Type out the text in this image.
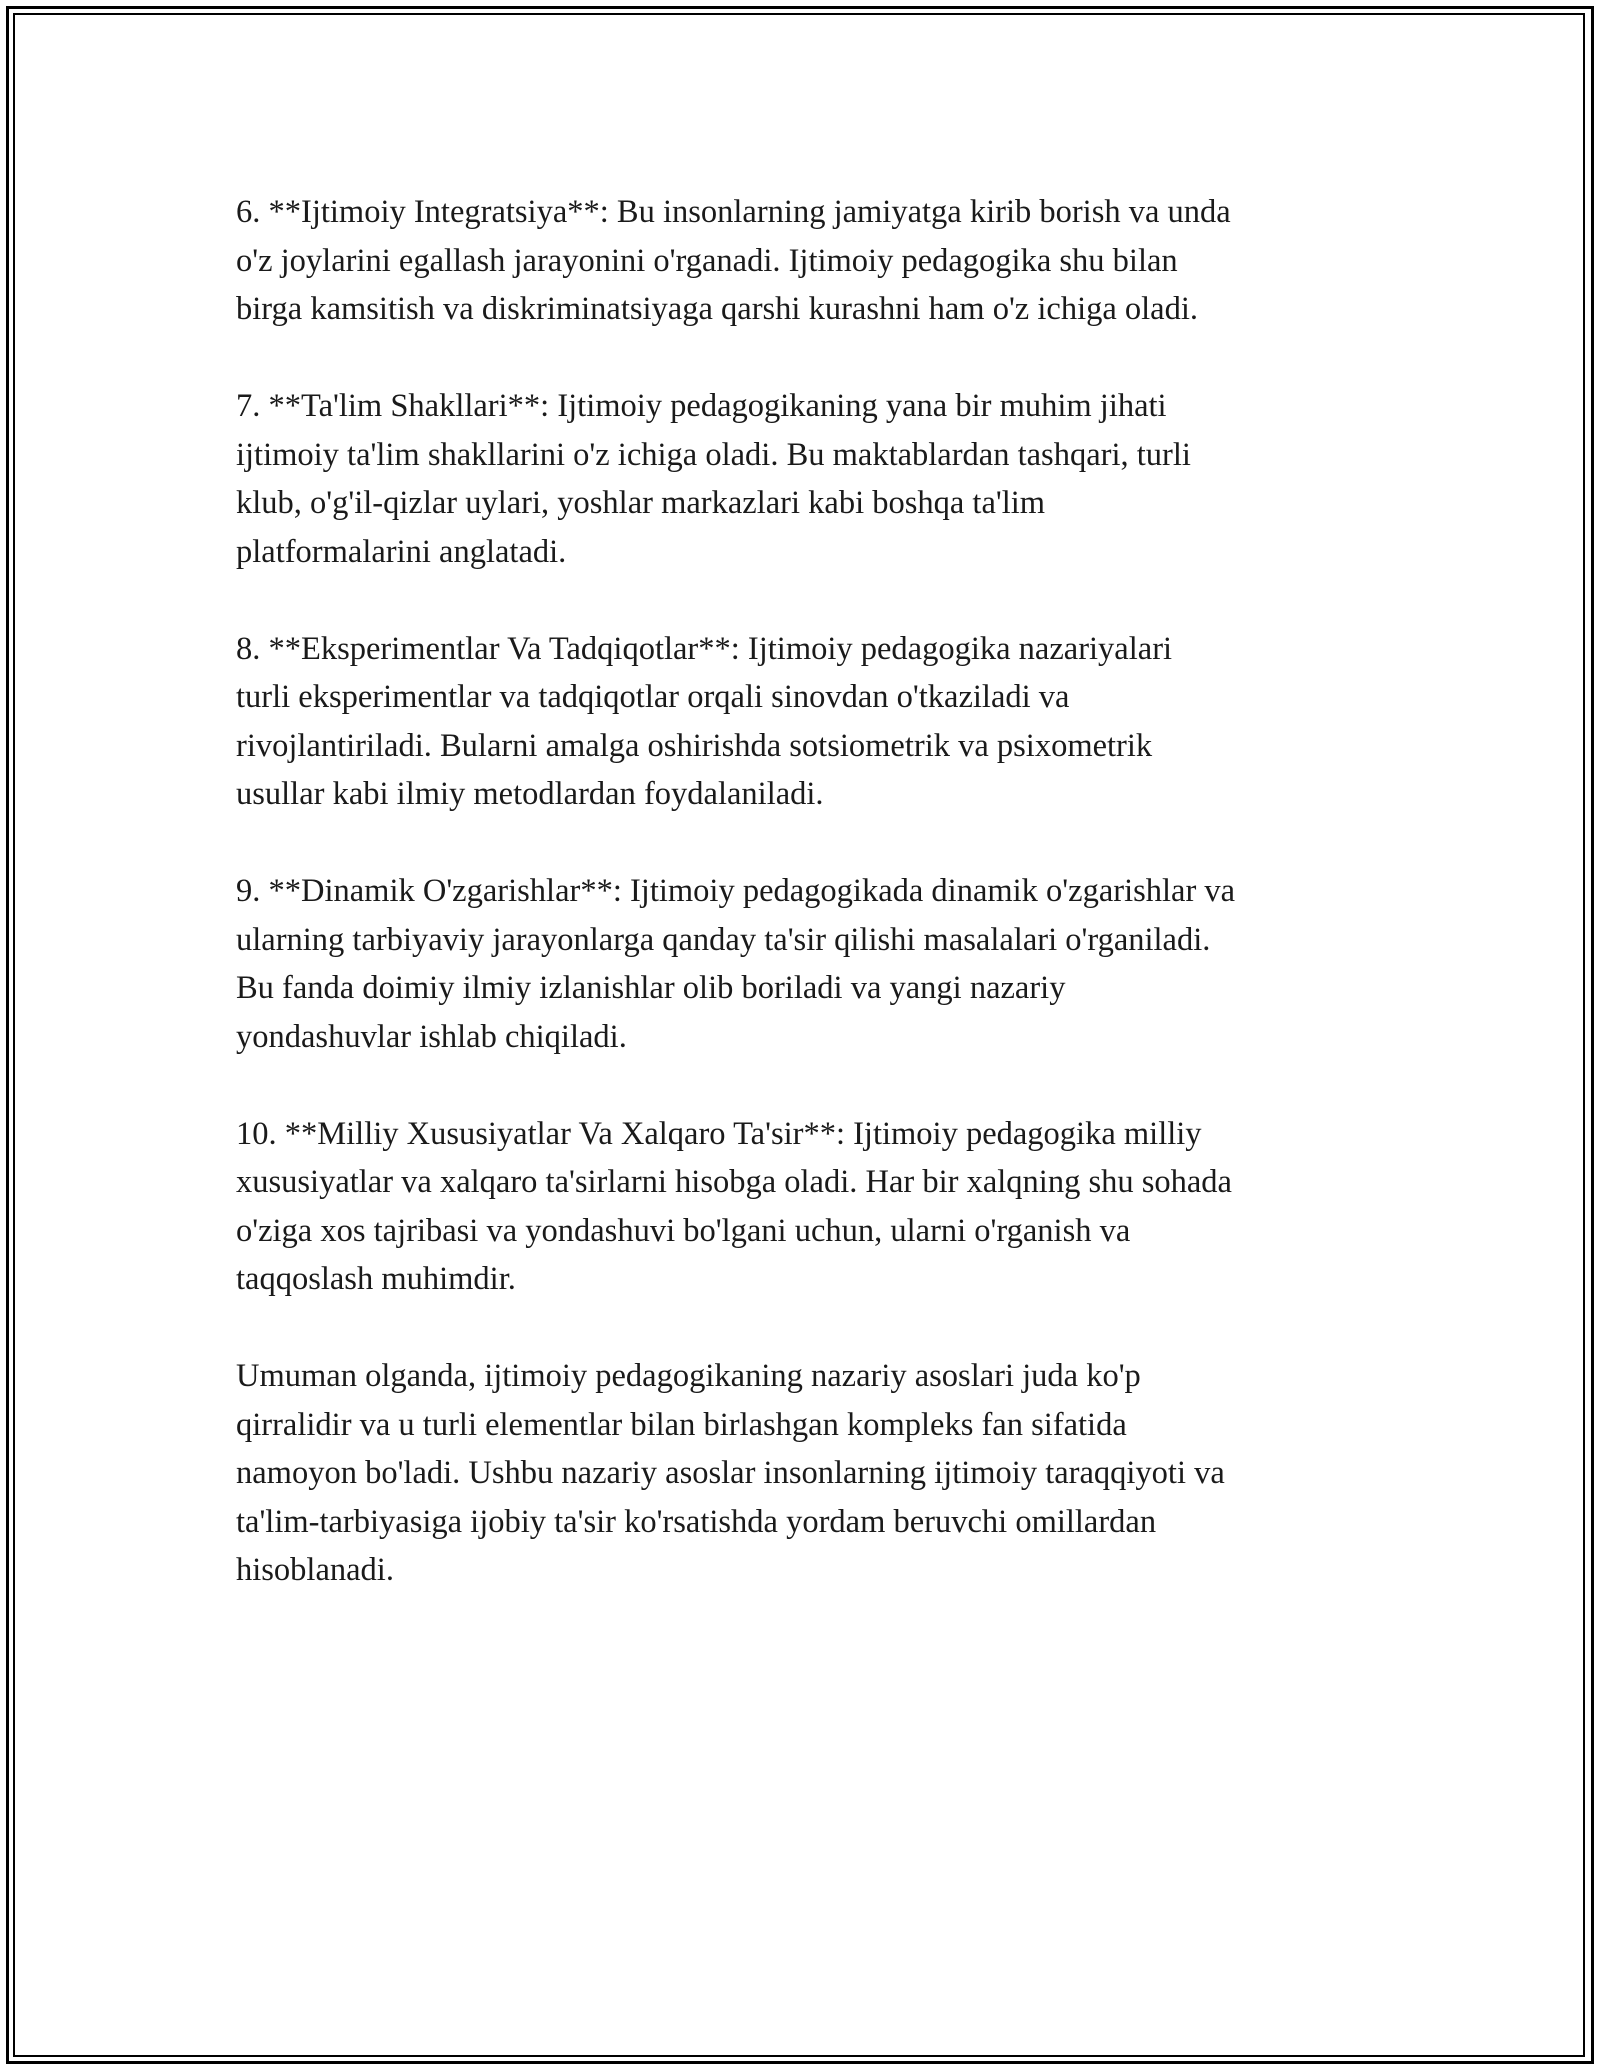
6. **Ijtimoiy Integratsiya**: Bu insonlarning jamiyatga kirib borish va unda
o'z joylarini egallash jarayonini o'rganadi. Ijtimoiy pedagogika shu bilan
birga kamsitish va diskriminatsiyaga qarshi kurashni ham o'z ichiga oladi.

7. **Ta'lim Shakllari**: Ijtimoiy pedagogikaning yana bir muhim jihati
ijtimoiy ta'lim shakllarini o'z ichiga oladi. Bu maktablardan tashqari, turli
klub, o'g'il-qizlar uylari, yoshlar markazlari kabi boshqa ta'lim
platformalarini anglatadi.

8. **Eksperimentlar Va Tadqiqotlar**: Ijtimoiy pedagogika nazariyalari
turli eksperimentlar va tadqiqotlar orqali sinovdan o'tkaziladi va
rivojlantiriladi. Bularni amalga oshirishda sotsiometrik va psixometrik
usullar kabi ilmiy metodlardan foydalaniladi.

9. **Dinamik O'zgarishlar**: Ijtimoiy pedagogikada dinamik o'zgarishlar va
ularning tarbiyaviy jarayonlarga qanday ta'sir qilishi masalalari o'rganiladi.
Bu fanda doimiy ilmiy izlanishlar olib boriladi va yangi nazariy
yondashuvlar ishlab chiqiladi.

10. **Milliy Xususiyatlar Va Xalqaro Ta'sir**: Ijtimoiy pedagogika milliy
xususiyatlar va xalqaro ta'sirlarni hisobga oladi. Har bir xalqning shu sohada
o'ziga xos tajribasi va yondashuvi bo'lgani uchun, ularni o'rganish va
taqqoslash muhimdir.

Umuman olganda, ijtimoiy pedagogikaning nazariy asoslari juda ko'p
qirralidir va u turli elementlar bilan birlashgan kompleks fan sifatida
namoyon bo'ladi. Ushbu nazariy asoslar insonlarning ijtimoiy taraqqiyoti va
ta'lim-tarbiyasiga ijobiy ta'sir ko'rsatishda yordam beruvchi omillardan
hisoblanadi.
